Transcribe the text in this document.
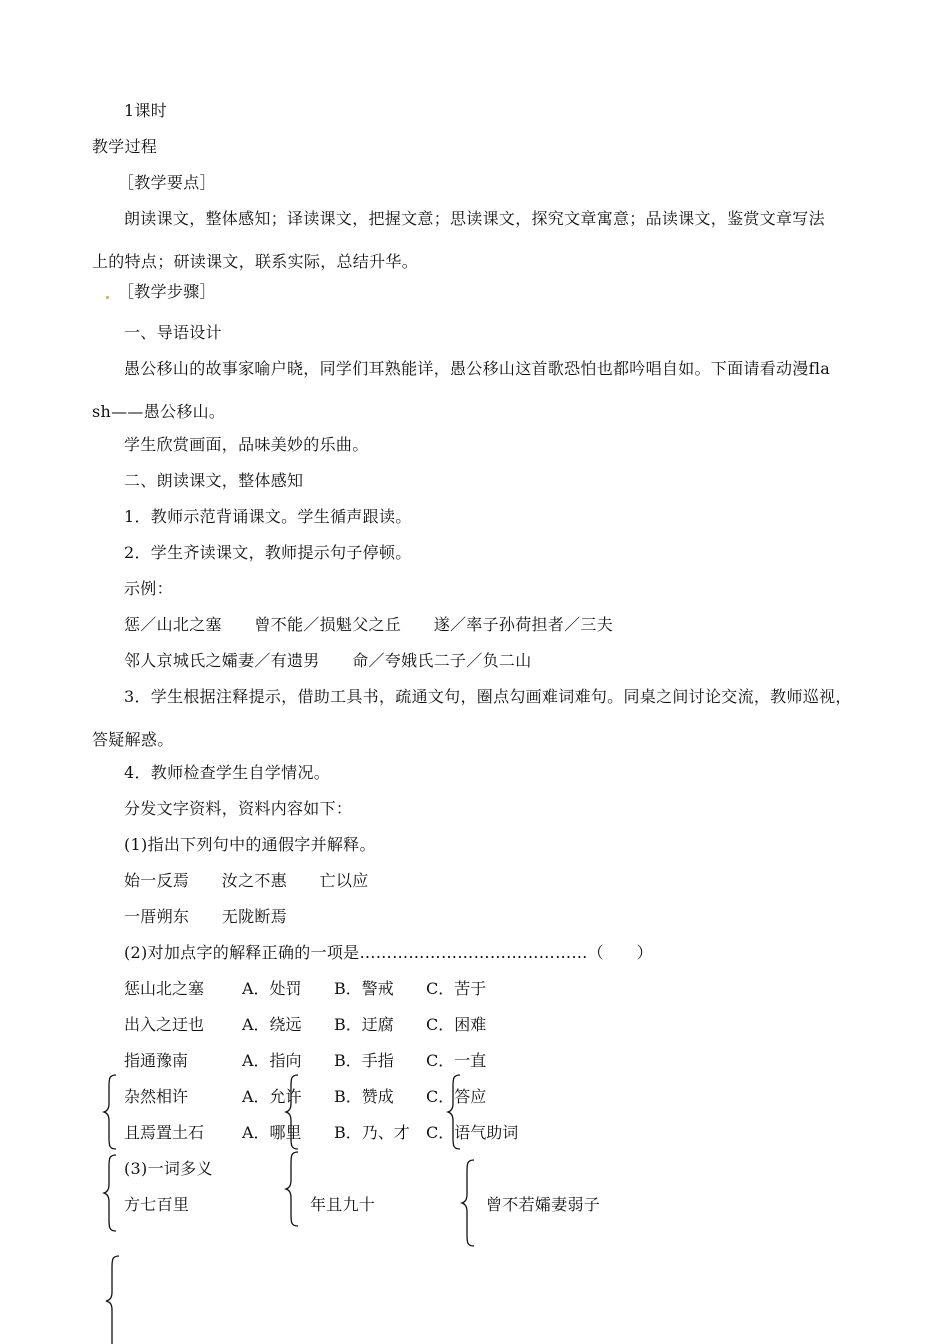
1课时
教学过程
［教学要点］
朗读课文，整体感知；译读课文，把握文意；思读课文，探究文章寓意；品读课文，鉴赏文章写法
上的特点；研读课文，联系实际，总结升华。
［教学步骤］
一、导语设计
愚公移山的故事家喻户晓，同学们耳熟能详，愚公移山这首歌恐怕也都吟唱自如。下面请看动漫fla
sh——愚公移山。
学生欣赏画面，品味美妙的乐曲。
二、朗读课文，整体感知
1．教师示范背诵课文。学生循声跟读。
2．学生齐读课文，教师提示句子停顿。
示例：
惩／山北之塞　　曾不能／损魁父之丘　　遂／率子孙荷担者／三夫
邻人京城氏之孀妻／有遗男　　命／夸娥氏二子／负二山
3．学生根据注释提示，借助工具书，疏通文句，圈点勾画难词难句。同桌之间讨论交流，教师巡视，
答疑解惑。
4．教师检查学生自学情况。
分发文字资料，资料内容如下：
(1)指出下列句中的通假字并解释。
始一反焉　　汝之不惠　　亡以应
一厝朔东　　无陇断焉
(2)对加点字的解释正确的一项是……………………………………（　　）
惩山北之塞 A．处罚 B．警戒 C．苦于
出入之迂也 A．绕远 B．迂腐 C．困难
指通豫南	A．指向 B．手指 C．一直
杂然相许	A．允许 B．赞成 C．答应
且焉置土石 A．哪里 B．乃、才 C．语气助词
(3)一词多义
方七百里	年且九十	曾不若孀妻弱子
